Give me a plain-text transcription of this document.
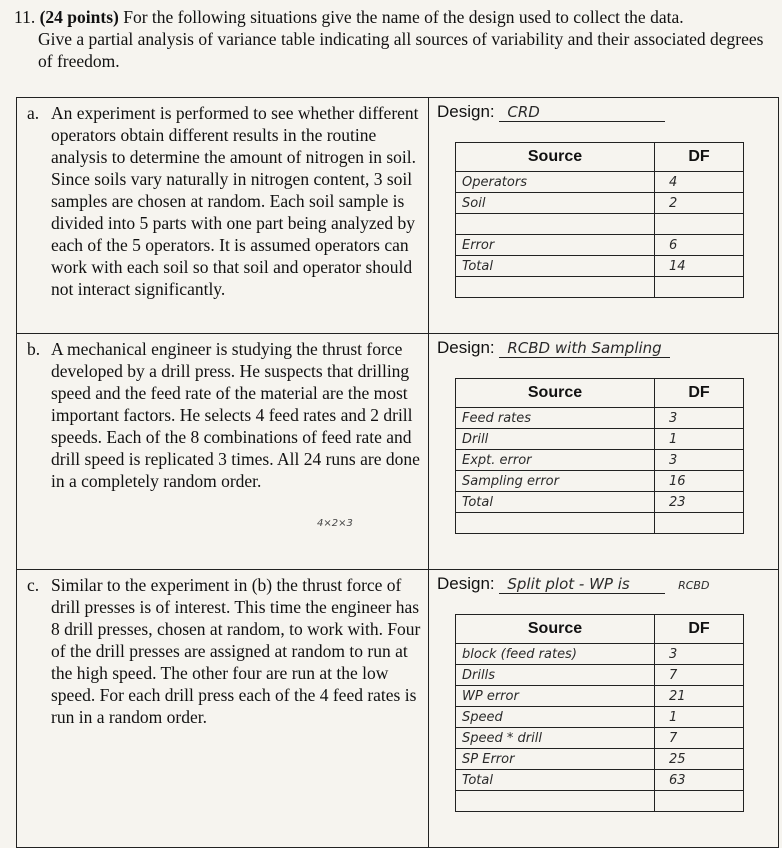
11. (24 points) For the following situations give the name of the design used to collect the data.
Give a partial analysis of variance table indicating all sources of variability and their associated degrees of freedom.
a. An experiment is performed to see whether different operators obtain different results in the routine analysis to determine the amount of nitrogen in soil. Since soils vary naturally in nitrogen content, 3 soil samples are chosen at random. Each soil sample is divided into 5 parts with one part being analyzed by each of the 5 operators. It is assumed operators can work with each soil so that soil and operator should not interact significantly.

Design: CRD
Source	DF
Operators	4
Soil	2

Error	6
Total	14

b. A mechanical engineer is studying the thrust force developed by a drill press. He suspects that drilling speed and the feed rate of the material are the most important factors. He selects 4 feed rates and 2 drill speeds. Each of the 8 combinations of feed rate and drill speed is replicated 3 times. All 24 runs are done in a completely random order.
4×2×3

Design: RCBD with Sampling
Source	DF
Feed rates	3
Drill	1
Expt. error	3
Sampling error	16
Total	23

c. Similar to the experiment in (b) the thrust force of drill presses is of interest. This time the engineer has 8 drill presses, chosen at random, to work with. Four of the drill presses are assigned at random to run at the high speed. The other four are run at the low speed. For each drill press each of the 4 feed rates is run in a random order.

Design: Split plot - WP is	RCBD
Source	DF
block (feed rates)	3
Drills	7
WP error	21
Speed	1
Speed * drill	7
SP Error	25
Total	63
